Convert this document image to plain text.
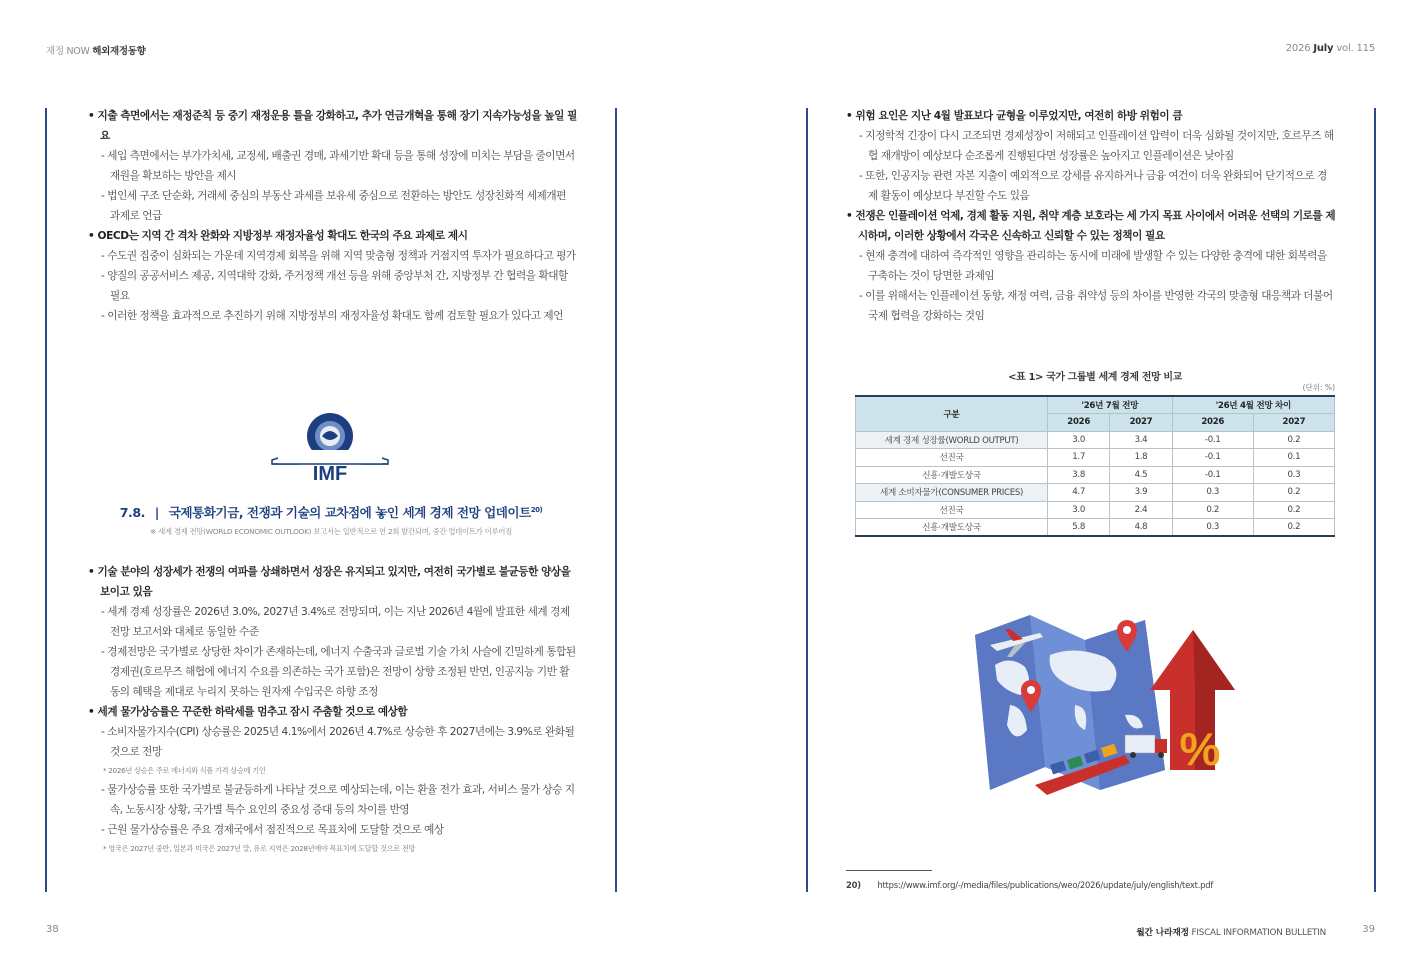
재정 NOW 해외재정동향	2026 July vol. 115

• 지출 측면에서는 재정준칙 등 중기 재정운용 틀을 강화하고, 추가 연금개혁을 통해 장기 지속가능성을 높일 필요

- 세입 측면에서는 부가가치세, 교정세, 배출권 경매, 과세기반 확대 등을 통해 성장에 미치는 부담을 줄이면서 재원을 확보하는 방안을 제시

- 법인세 구조 단순화, 거래세 중심의 부동산 과세를 보유세 중심으로 전환하는 방안도 성장친화적 세제개편 과제로 언급

• OECD는 지역 간 격차 완화와 지방정부 재정자율성 확대도 한국의 주요 과제로 제시

- 수도권 집중이 심화되는 가운데 지역경제 회복을 위해 지역 맞춤형 정책과 거점지역 투자가 필요하다고 평가

- 양질의 공공서비스 제공, 지역대학 강화, 주거정책 개선 등을 위해 중앙부처 간, 지방정부 간 협력을 확대할 필요

- 이러한 정책을 효과적으로 추진하기 위해 지방정부의 재정자율성 확대도 함께 검토할 필요가 있다고 제언

IMF
7.8. | 국제통화기금, 전쟁과 기술의 교차점에 놓인 세계 경제 전망 업데이트$^{20)}$
※ 세계 경제 전망(WORLD ECONOMIC OUTLOOK) 보고서는 일반적으로 연 2회 발간되며, 중간 업데이트가 이루어짐

• 기술 분야의 성장세가 전쟁의 여파를 상쇄하면서 성장은 유지되고 있지만, 여전히 국가별로 불균등한 양상을 보이고 있음

- 세계 경제 성장률은 2026년 3.0%, 2027년 3.4%로 전망되며, 이는 지난 2026년 4월에 발표한 세계 경제 전망 보고서와 대체로 동일한 수준

- 경제전망은 국가별로 상당한 차이가 존재하는데, 에너지 수출국과 글로벌 기술 가치 사슬에 긴밀하게 통합된 경제권(호르무즈 해협에 에너지 수요를 의존하는 국가 포함)은 전망이 상향 조정된 반면, 인공지능 기반 활동의 혜택을 제대로 누리지 못하는 원자재 수입국은 하향 조정

• 세계 물가상승률은 꾸준한 하락세를 멈추고 잠시 주춤할 것으로 예상함

- 소비자물가지수(CPI) 상승률은 2025년 4.1%에서 2026년 4.7%로 상승한 후 2027년에는 3.9%로 완화될 것으로 전망

* 2026년 상승은 주로 에너지와 식품 가격 상승에 기인

- 물가상승률 또한 국가별로 불균등하게 나타날 것으로 예상되는데, 이는 환율 전가 효과, 서비스 물가 상승 지속, 노동시장 상황, 국가별 특수 요인의 중요성 증대 등의 차이를 반영

- 근원 물가상승률은 주요 경제국에서 점진적으로 목표치에 도달할 것으로 예상

* 영국은 2027년 중반, 일본과 미국은 2027년 말, 유로 지역은 2028년에야 목표치에 도달할 것으로 전망

• 위험 요인은 지난 4월 발표보다 균형을 이루었지만, 여전히 하방 위험이 큼

- 지정학적 긴장이 다시 고조되면 경제성장이 저해되고 인플레이션 압력이 더욱 심화될 것이지만, 호르무즈 해협 재개방이 예상보다 순조롭게 진행된다면 성장률은 높아지고 인플레이션은 낮아짐

- 또한, 인공지능 관련 자본 지출이 예외적으로 강세를 유지하거나 금융 여건이 더욱 완화되어 단기적으로 경제 활동이 예상보다 부진할 수도 있음

• 전쟁은 인플레이션 억제, 경제 활동 지원, 취약 계층 보호라는 세 가지 목표 사이에서 어려운 선택의 기로를 제시하며, 이러한 상황에서 각국은 신속하고 신뢰할 수 있는 정책이 필요

- 현재 충격에 대하여 즉각적인 영향을 관리하는 동시에 미래에 발생할 수 있는 다양한 충격에 대한 회복력을 구축하는 것이 당면한 과제임

- 이를 위해서는 인플레이션 동향, 재정 여력, 금융 취약성 등의 차이를 반영한 각국의 맞춤형 대응책과 더불어 국제 협력을 강화하는 것임

<표 1> 국가 그룹별 세계 경제 전망 비교
(단위: %)
구분	'26년 7월 전망		'26년 4월 전망 차이	
	2026	2027	2026	2027
세계 경제 성장률(WORLD OUTPUT)	3.0	3.4	-0.1	0.2
선진국	1.7	1.8	-0.1	0.1
신흥·개발도상국	3.8	4.5	-0.1	0.3
세계 소비자물가(CONSUMER PRICES)	4.7	3.9	0.3	0.2
선진국	3.0	2.4	0.2	0.2
신흥·개발도상국	5.8	4.8	0.3	0.2
%
20) https://www.imf.org/-/media/files/publications/weo/2026/update/july/english/text.pdf
38	월간 나라재정 FISCAL INFORMATION BULLETIN	39
